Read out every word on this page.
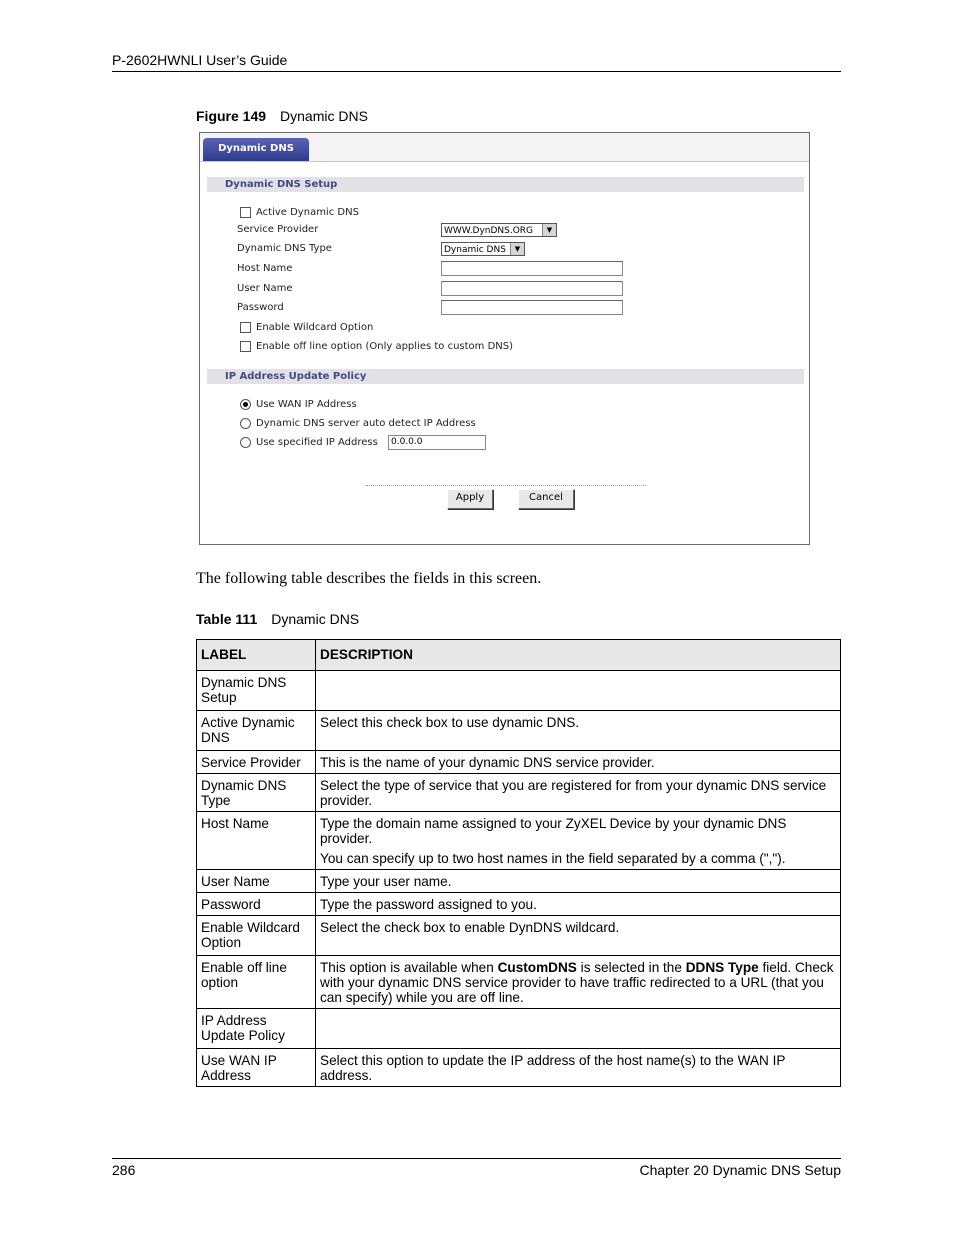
P-2602HWNLI User’s Guide
Figure 149 Dynamic DNS
Dynamic DNS
Dynamic DNS Setup
Active Dynamic DNS
Service Provider	WWW.DynDNS.ORG	▼
Dynamic DNS Type	Dynamic DNS	▼
Host Name
User Name
Password
Enable Wildcard Option
Enable off line option (Only applies to custom DNS)
IP Address Update Policy
Use WAN IP Address
Dynamic DNS server auto detect IP Address
Use specified IP Address	0.0.0.0
Apply	Cancel
The following table describes the fields in this screen.
Table 111 Dynamic DNS
LABEL	DESCRIPTION
Dynamic DNS Setup	
Active Dynamic DNS	Select this check box to use dynamic DNS.
Service Provider	This is the name of your dynamic DNS service provider.
Dynamic DNS Type	Select the type of service that you are registered for from your dynamic DNS service provider.
Host Name	Type the domain name assigned to your ZyXEL Device by your dynamic DNS provider.

You can specify up to two host names in the field separated by a comma (",").

User Name	Type your user name.
Password	Type the password assigned to you.
Enable Wildcard Option	Select the check box to enable DynDNS wildcard.
Enable off line option	This option is available when CustomDNS is selected in the DDNS Type field. Check with your dynamic DNS service provider to have traffic redirected to a URL (that you can specify) while you are off line.
IP Address Update Policy	
Use WAN IP Address	Select this option to update the IP address of the host name(s) to the WAN IP address.
286	Chapter 20 Dynamic DNS Setup
